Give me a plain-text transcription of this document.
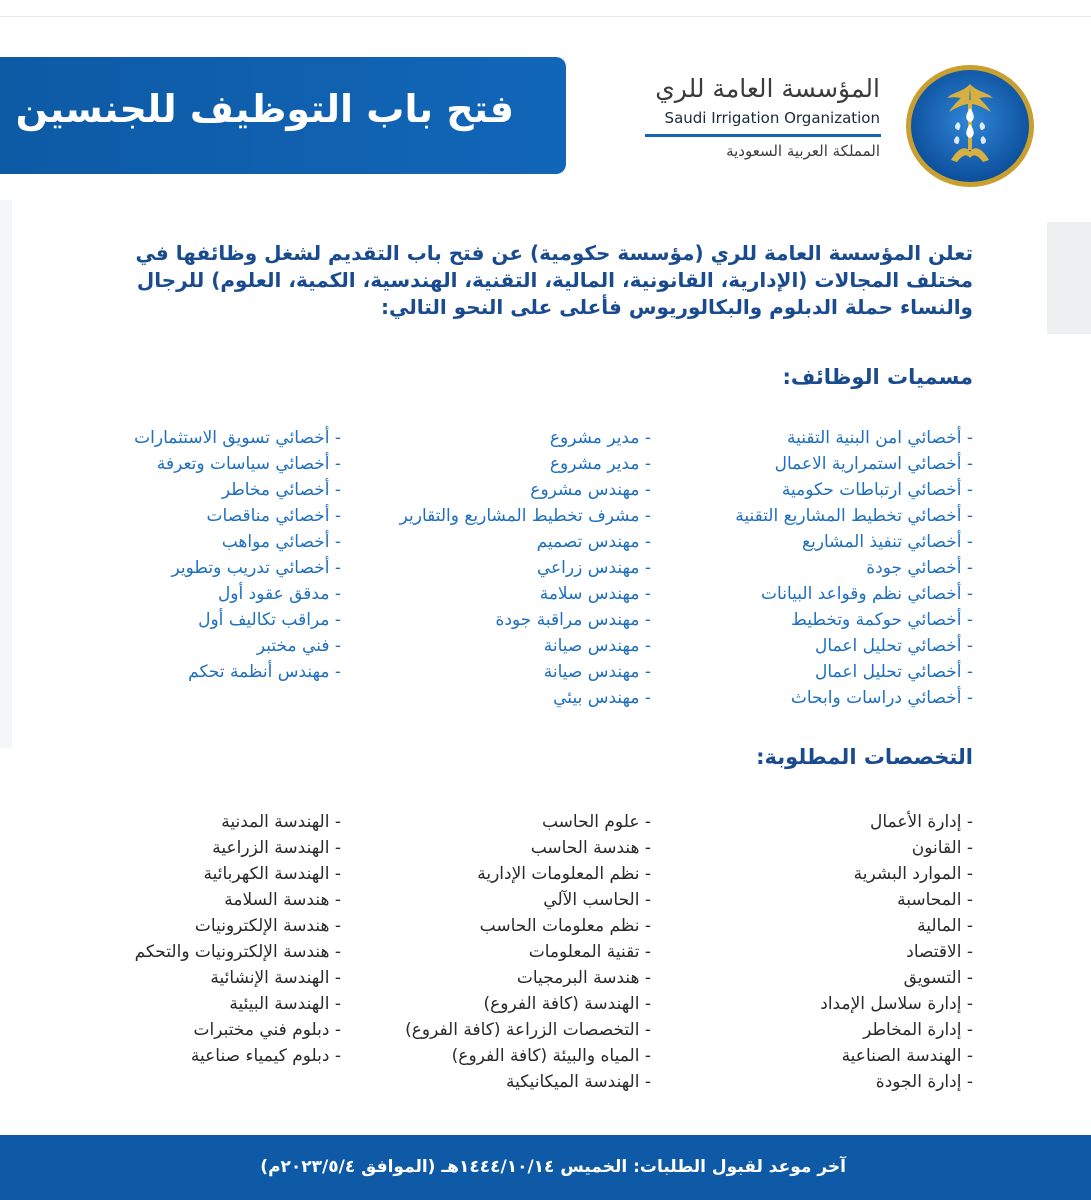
فتح باب التوظيف للجنسين	المؤسسة العامة للري
Saudi Irrigation Organization
المملكة العربية السعودية
تعلن المؤسسة العامة للري (مؤسسة حكومية) عن فتح باب التقديم لشغل وظائفها في مختلف المجالات (الإدارية، القانونية، المالية، التقنية، الهندسية، الكمية، العلوم) للرجال والنساء حملة الدبلوم والبكالوريوس فأعلى على النحو التالي:
مسميات الوظائف:
- أخصائي امن البنية التقنية
- أخصائي استمرارية الاعمال
- أخصائي ارتباطات حكومية
- أخصائي تخطيط المشاريع التقنية
- أخصائي تنفيذ المشاريع
- أخصائي جودة
- أخصائي نظم وقواعد البيانات
- أخصائي حوكمة وتخطيط
- أخصائي تحليل اعمال
- أخصائي تحليل اعمال
- أخصائي دراسات وابحاث
- مدير مشروع
- مدير مشروع
- مهندس مشروع
- مشرف تخطيط المشاريع والتقارير
- مهندس تصميم
- مهندس زراعي
- مهندس سلامة
- مهندس مراقبة جودة
- مهندس صيانة
- مهندس صيانة
- مهندس بيئي
- أخصائي تسويق الاستثمارات
- أخصائي سياسات وتعرفة
- أخصائي مخاطر
- أخصائي مناقصات
- أخصائي مواهب
- أخصائي تدريب وتطوير
- مدقق عقود أول
- مراقب تكاليف أول
- فني مختبر
- مهندس أنظمة تحكم
التخصصات المطلوبة:
- إدارة الأعمال
- القانون
- الموارد البشرية
- المحاسبة
- المالية
- الاقتصاد
- التسويق
- إدارة سلاسل الإمداد
- إدارة المخاطر
- الهندسة الصناعية
- إدارة الجودة
- علوم الحاسب
- هندسة الحاسب
- نظم المعلومات الإدارية
- الحاسب الآلي
- نظم معلومات الحاسب
- تقنية المعلومات
- هندسة البرمجيات
- الهندسة (كافة الفروع)
- التخصصات الزراعة (كافة الفروع)
- المياه والبيئة (كافة الفروع)
- الهندسة الميكانيكية
- الهندسة المدنية
- الهندسة الزراعية
- الهندسة الكهربائية
- هندسة السلامة
- هندسة الإلكترونيات
- هندسة الإلكترونيات والتحكم
- الهندسة الإنشائية
- الهندسة البيئية
- دبلوم فني مختبرات
- دبلوم كيمياء صناعية
آخر موعد لقبول الطلبات: الخميس ١٤٤٤/١٠/١٤هـ (الموافق ٢٠٢٣/٥/٤م)
